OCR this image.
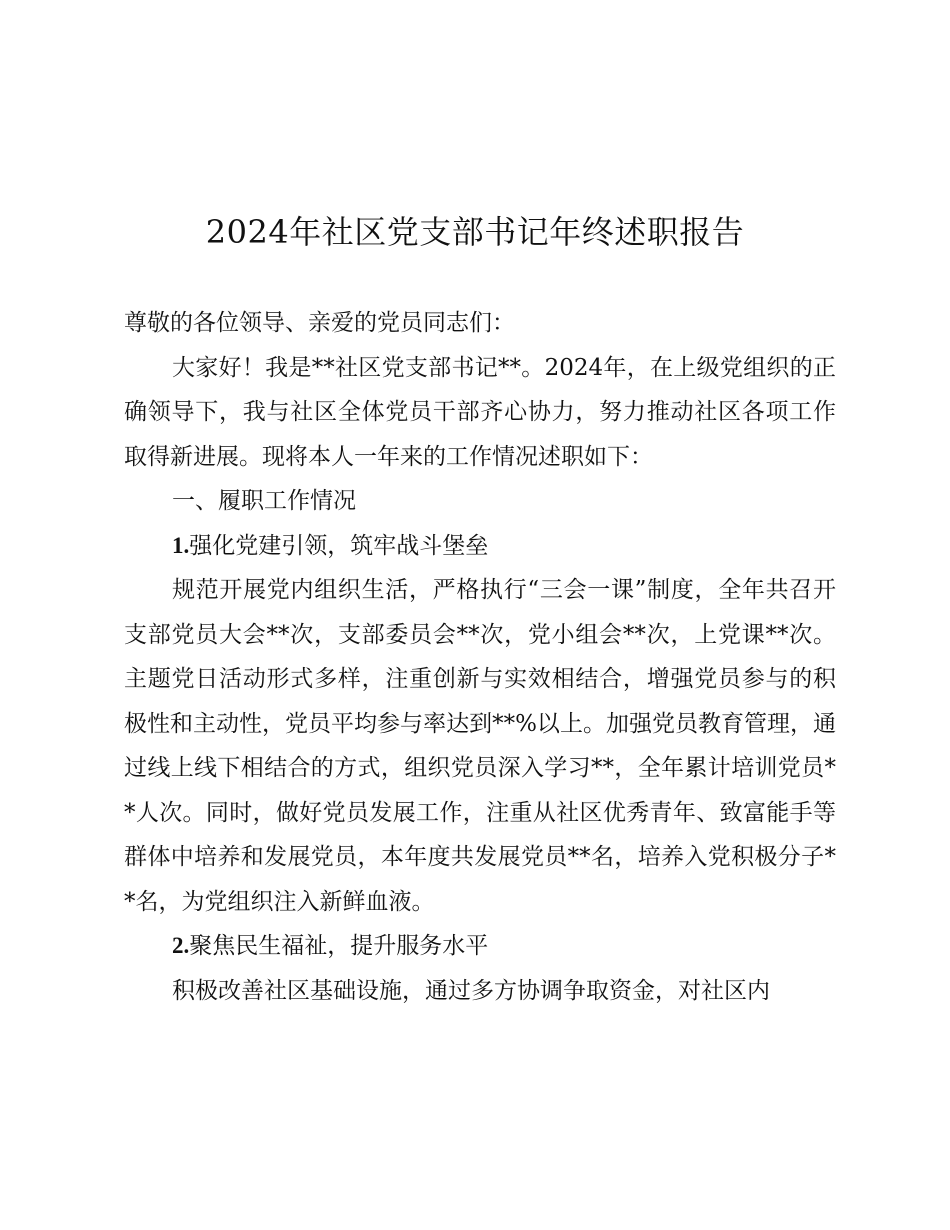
2024年社区党支部书记年终述职报告

尊敬的各位领导、亲爱的党员同志们：

大家好！我是**社区党支部书记**。2024年，在上级党组织的正确领导下，我与社区全体党员干部齐心协力，努力推动社区各项工作取得新进展。现将本人一年来的工作情况述职如下：

一、履职工作情况

1.强化党建引领，筑牢战斗堡垒

规范开展党内组织生活，严格执行“三会一课”制度，全年共召开支部党员大会**次，支部委员会**次，党小组会**次，上党课**次。主题党日活动形式多样，注重创新与实效相结合，增强党员参与的积极性和主动性，党员平均参与率达到**%以上。加强党员教育管理，通过线上线下相结合的方式，组织党员深入学习**，全年累计培训党员**人次。同时，做好党员发展工作，注重从社区优秀青年、致富能手等群体中培养和发展党员，本年度共发展党员**名，培养入党积极分子**名，为党组织注入新鲜血液。

2.聚焦民生福祉，提升服务水平

积极改善社区基础设施，通过多方协调争取资金，对社区内
